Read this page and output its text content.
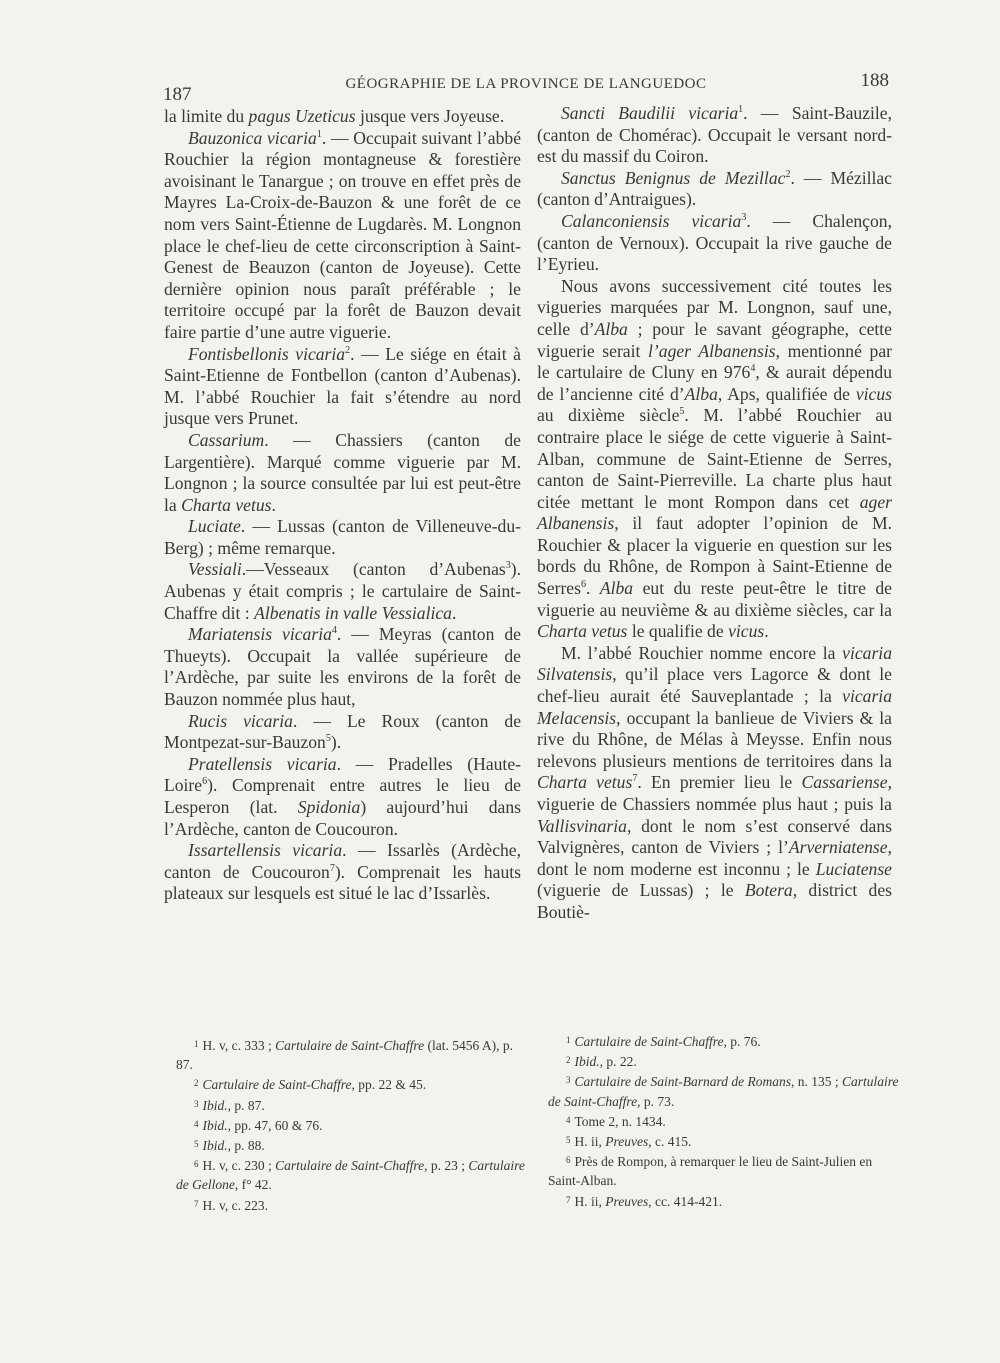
187	GÉOGRAPHIE DE LA PROVINCE DE LANGUEDOC	188

la limite du pagus Uzeticus jusque vers Joyeuse.

Bauzonica vicaria$^1$. — Occupait suivant l’abbé Rouchier la région montagneuse & forestière avoisinant le Tanargue ; on trouve en effet près de Mayres La-Croix-de-Bauzon & une forêt de ce nom vers Saint-Étienne de Lugdarès. M. Longnon place le chef-lieu de cette circonscription à Saint-Genest de Beauzon (canton de Joyeuse). Cette dernière opinion nous paraît préférable ; le territoire occupé par la forêt de Bauzon devait faire partie d’une autre viguerie.

Fontisbellonis vicaria$^2$. — Le siége en était à Saint-Etienne de Fontbellon (canton d’Aubenas). M. l’abbé Rouchier la fait s’étendre au nord jusque vers Prunet.

Cassarium. — Chassiers (canton de Largentière). Marqué comme viguerie par M. Longnon ; la source consultée par lui est peut-être la Charta vetus.

Luciate. — Lussas (canton de Villeneuve-du-Berg) ; même remarque.

Vessiali.—Vesseaux (canton d’Aubenas$^3$). Aubenas y était compris ; le cartulaire de Saint-Chaffre dit : Albenatis in valle Vessialica.

Mariatensis vicaria$^4$. — Meyras (canton de Thueyts). Occupait la vallée supérieure de l’Ardèche, par suite les environs de la forêt de Bauzon nommée plus haut,

Rucis vicaria. — Le Roux (canton de Montpezat-sur-Bauzon$^5$).

Pratellensis vicaria. — Pradelles (Haute-Loire$^6$). Comprenait entre autres le lieu de Lesperon (lat. Spidonia) aujourd’hui dans l’Ardèche, canton de Coucouron.

Issartellensis vicaria. — Issarlès (Ardèche, canton de Coucouron$^7$). Comprenait les hauts plateaux sur lesquels est situé le lac d’Issarlès.

Sancti Baudilii vicaria$^1$. — Saint-Bauzile, (canton de Chomérac). Occupait le versant nord-est du massif du Coiron.

Sanctus Benignus de Mezillac$^2$. — Mézillac (canton d’Antraigues).

Calanconiensis vicaria$^3$. — Chalençon, (canton de Vernoux). Occupait la rive gauche de l’Eyrieu.

Nous avons successivement cité toutes les vigueries marquées par M. Longnon, sauf une, celle d’Alba ; pour le savant géographe, cette viguerie serait l’ager Albanensis, mentionné par le cartulaire de Cluny en $976^4$, & aurait dépendu de l’ancienne cité d’Alba, Aps, qualifiée de vicus au dixième siècle$^5$. M. l’abbé Rouchier au contraire place le siége de cette viguerie à Saint-Alban, commune de Saint-Etienne de Serres, canton de Saint-Pierreville. La charte plus haut citée mettant le mont Rompon dans cet ager Albanensis, il faut adopter l’opinion de M. Rouchier & placer la viguerie en question sur les bords du Rhône, de Rompon à Saint-Etienne de Serres$^6$. Alba eut du reste peut-être le titre de viguerie au neuvième & au dixième siècles, car la Charta vetus le qualifie de vicus.

M. l’abbé Rouchier nomme encore la vicaria Silvatensis, qu’il place vers Lagorce & dont le chef-lieu aurait été Sauveplantade ; la vicaria Melacensis, occupant la banlieue de Viviers & la rive du Rhône, de Mélas à Meysse. Enfin nous relevons plusieurs mentions de territoires dans la Charta vetus$^7$. En premier lieu le Cassariense, viguerie de Chassiers nommée plus haut ; puis la Vallisvinaria, dont le nom s’est conservé dans Valvignères, canton de Viviers ; l’Arverniatense, dont le nom moderne est inconnu ; le Luciatense (viguerie de Lussas) ; le Botera, district des Boutiè-

$^1$ H. v, c. 333 ; Cartulaire de Saint-Chaffre (lat. 5456 A), p. 87.

$^2$ Cartulaire de Saint-Chaffre, pp. 22 & 45.

$^3$ Ibid., p. 87.

$^4$ Ibid., pp. 47, 60 & 76.

$^5$ Ibid., p. 88.

$^6$ H. v, c. 230 ; Cartulaire de Saint-Chaffre, p. 23 ; Cartulaire de Gellone, f° 42.

$^7$ H. v, c. 223.

$^1$ Cartulaire de Saint-Chaffre, p. 76.

$^2$ Ibid., p. 22.

$^3$ Cartulaire de Saint-Barnard de Romans, n. 135 ; Cartulaire de Saint-Chaffre, p. 73.

$^4$ Tome 2, n. 1434.

$^5$ H. ii, Preuves, c. 415.

$^6$ Près de Rompon, à remarquer le lieu de Saint-Julien en Saint-Alban.

$^7$ H. ii, Preuves, cc. 414-421.
